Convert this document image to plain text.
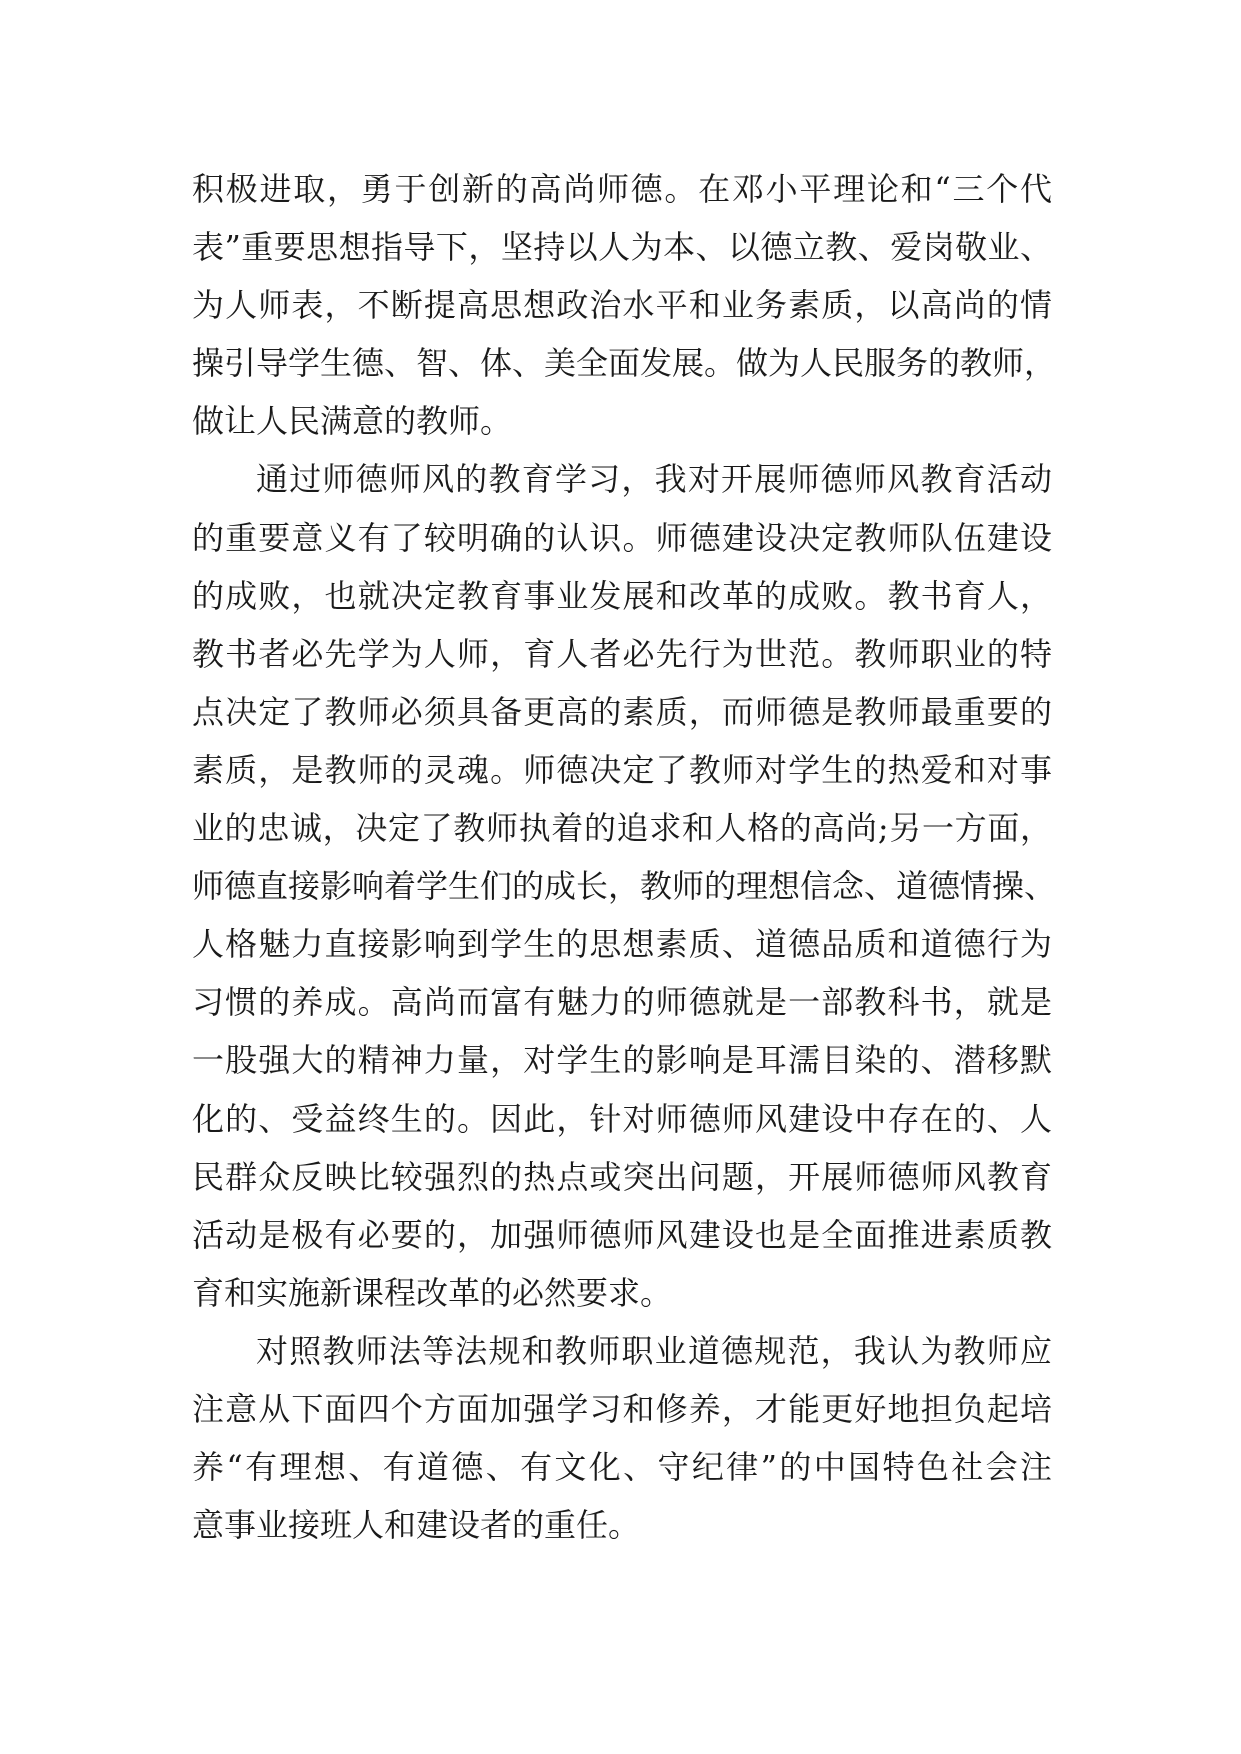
积极进取，勇于创新的高尚师德。在邓小平理论和“三个代
表”重要思想指导下，坚持以人为本、以德立教、爱岗敬业、
为人师表，不断提高思想政治水平和业务素质，以高尚的情
操引导学生德、智、体、美全面发展。做为人民服务的教师，
做让人民满意的教师。
通过师德师风的教育学习，我对开展师德师风教育活动
的重要意义有了较明确的认识。师德建设决定教师队伍建设
的成败，也就决定教育事业发展和改革的成败。教书育人，
教书者必先学为人师，育人者必先行为世范。教师职业的特
点决定了教师必须具备更高的素质，而师德是教师最重要的
素质，是教师的灵魂。师德决定了教师对学生的热爱和对事
业的忠诚，决定了教师执着的追求和人格的高尚;另一方面，
师德直接影响着学生们的成长，教师的理想信念、道德情操、
人格魅力直接影响到学生的思想素质、道德品质和道德行为
习惯的养成。高尚而富有魅力的师德就是一部教科书，就是
一股强大的精神力量，对学生的影响是耳濡目染的、潜移默
化的、受益终生的。因此，针对师德师风建设中存在的、人
民群众反映比较强烈的热点或突出问题，开展师德师风教育
活动是极有必要的，加强师德师风建设也是全面推进素质教
育和实施新课程改革的必然要求。
对照教师法等法规和教师职业道德规范，我认为教师应
注意从下面四个方面加强学习和修养，才能更好地担负起培
养“有理想、有道德、有文化、守纪律”的中国特色社会注
意事业接班人和建设者的重任。
